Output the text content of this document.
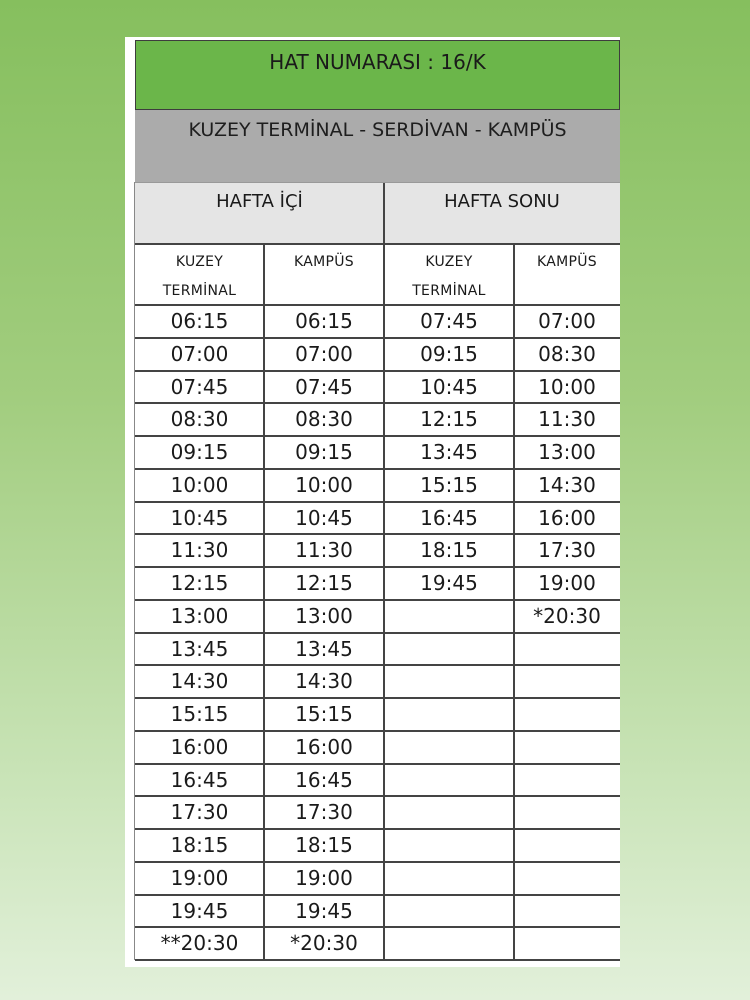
HAT NUMARASI : 16/K
KUZEY TERMİNAL - SERDİVAN - KAMPÜS
HAFTA İÇİ	HAFTA SONU
KUZEY
TERMİNAL
KAMPÜS	KUZEY
TERMİNAL
KAMPÜS
06:15
07:00
07:45
08:30
09:15
10:00
10:45
11:30
12:15
13:00
13:45
14:30
15:15
16:00
16:45
17:30
18:15
19:00
19:45
**20:30
06:15
07:00
07:45
08:30
09:15
10:00
10:45
11:30
12:15
13:00
13:45
14:30
15:15
16:00
16:45
17:30
18:15
19:00
19:45
*20:30
07:45
09:15
10:45
12:15
13:45
15:15
16:45
18:15
19:45
07:00
08:30
10:00
11:30
13:00
14:30
16:00
17:30
19:00
*20:30
